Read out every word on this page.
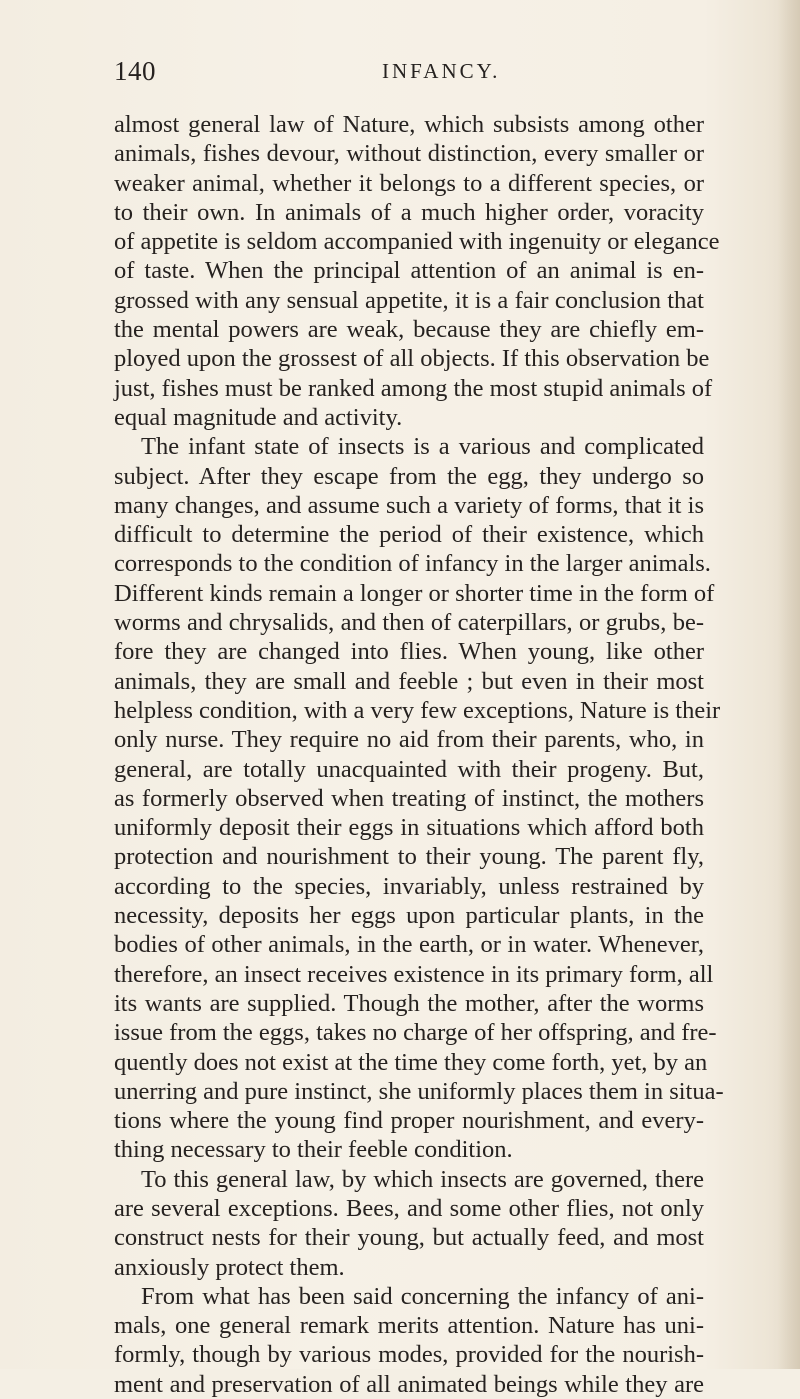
140	INFANCY.
almost general law of Nature, which subsists among other
animals, fishes devour, without distinction, every smaller or
weaker animal, whether it belongs to a different species, or
to their own. In animals of a much higher order, voracity
of appetite is seldom accompanied with ingenuity or elegance
of taste. When the principal attention of an animal is en-
grossed with any sensual appetite, it is a fair conclusion that
the mental powers are weak, because they are chiefly em-
ployed upon the grossest of all objects. If this observation be
just, fishes must be ranked among the most stupid animals of
equal magnitude and activity.
The infant state of insects is a various and complicated
subject. After they escape from the egg, they undergo so
many changes, and assume such a variety of forms, that it is
difficult to determine the period of their existence, which
corresponds to the condition of infancy in the larger animals.
Different kinds remain a longer or shorter time in the form of
worms and chrysalids, and then of caterpillars, or grubs, be-
fore they are changed into flies. When young, like other
animals, they are small and feeble ; but even in their most
helpless condition, with a very few exceptions, Nature is their
only nurse. They require no aid from their parents, who, in
general, are totally unacquainted with their progeny. But,
as formerly observed when treating of instinct, the mothers
uniformly deposit their eggs in situations which afford both
protection and nourishment to their young. The parent fly,
according to the species, invariably, unless restrained by
necessity, deposits her eggs upon particular plants, in the
bodies of other animals, in the earth, or in water. Whenever,
therefore, an insect receives existence in its primary form, all
its wants are supplied. Though the mother, after the worms
issue from the eggs, takes no charge of her offspring, and fre-
quently does not exist at the time they come forth, yet, by an
unerring and pure instinct, she uniformly places them in situa-
tions where the young find proper nourishment, and every-
thing necessary to their feeble condition.
To this general law, by which insects are governed, there
are several exceptions. Bees, and some other flies, not only
construct nests for their young, but actually feed, and most
anxiously protect them.
From what has been said concerning the infancy of ani-
mals, one general remark merits attention. Nature has uni-
formly, though by various modes, provided for the nourish-
ment and preservation of all animated beings while they are
